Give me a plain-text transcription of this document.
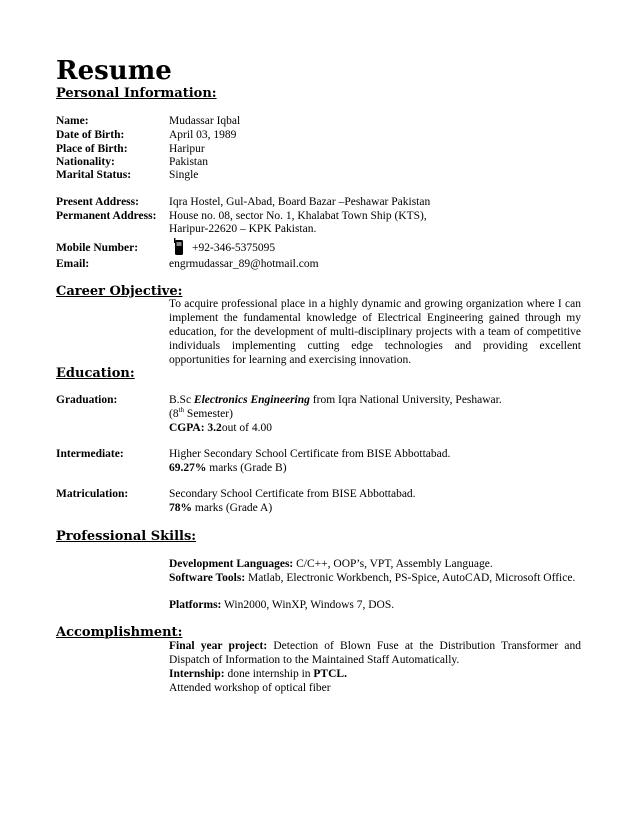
Resume
Personal Information:
Name:	Mudassar Iqbal
Date of Birth:	April 03, 1989
Place of Birth:	Haripur
Nationality:	Pakistan
Marital Status:	Single
Present Address:	Iqra Hostel, Gul-Abad, Board Bazar –Peshawar Pakistan
Permanent Address: House no. 08, sector No. 1, Khalabat Town Ship (KTS),
Haripur-22620 – KPK Pakistan.
Mobile Number:	+92-346-5375095
Email:	engrmudassar_89@hotmail.com
Career Objective:
To acquire professional place in a highly dynamic and growing organization where I can implement the fundamental knowledge of Electrical Engineering gained through my education, for the development of multi-disciplinary projects with a team of competitive individuals implementing cutting edge technologies and providing excellent opportunities for learning and exercising innovation.
Education:
Graduation:	B.Sc Electronics Engineering from Iqra National University, Peshawar.
(8th Semester)
CGPA: 3.2out of 4.00
Intermediate:	Higher Secondary School Certificate from BISE Abbottabad.
69.27% marks (Grade B)
Matriculation:	Secondary School Certificate from BISE Abbottabad.
78% marks (Grade A)
Professional Skills:
Development Languages: C/C++, OOP’s, VPT, Assembly Language.
Software Tools: Matlab, Electronic Workbench, PS-Spice, AutoCAD, Microsoft Office.
Platforms: Win2000, WinXP, Windows 7, DOS.
Accomplishment:
Final year project: Detection of Blown Fuse at the Distribution Transformer and Dispatch of Information to the Maintained Staff Automatically.
Internship: done internship in PTCL.
Attended workshop of optical fiber
